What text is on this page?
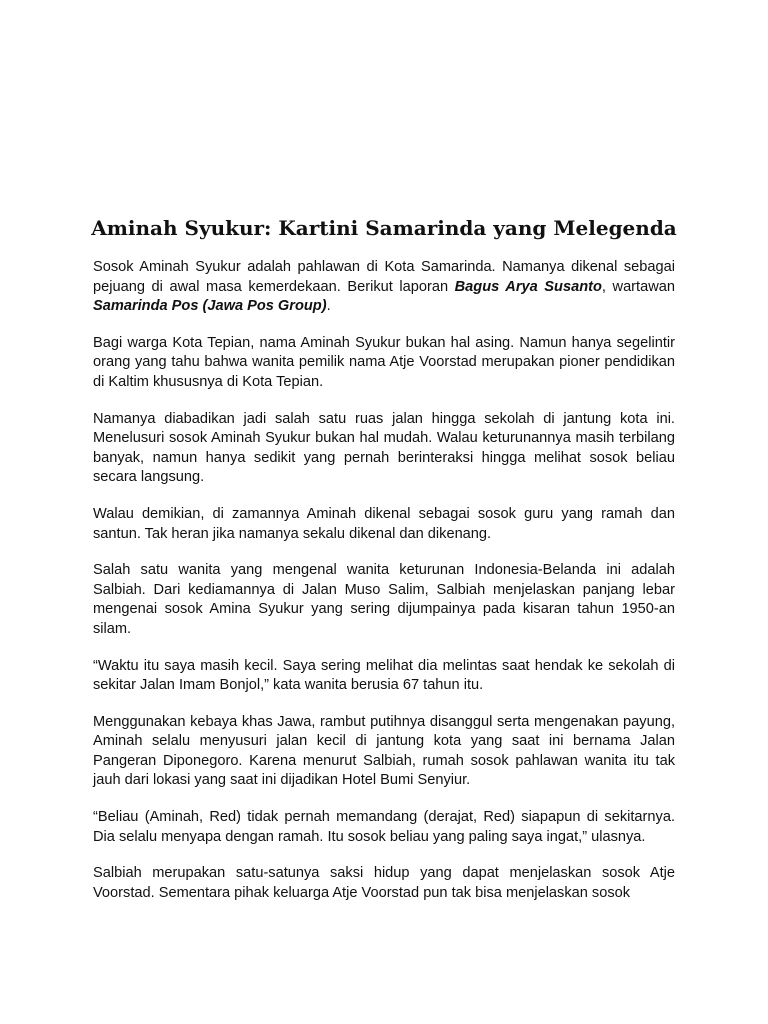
Aminah Syukur: Kartini Samarinda yang Melegenda

Sosok Aminah Syukur adalah pahlawan di Kota Samarinda. Namanya dikenal sebagai pejuang di awal masa kemerdekaan. Berikut laporan Bagus Arya Susanto, wartawan Samarinda Pos (Jawa Pos Group).

Bagi warga Kota Tepian, nama Aminah Syukur bukan hal asing. Namun hanya segelintir orang yang tahu bahwa wanita pemilik nama Atje Voorstad merupakan pioner pendidikan di Kaltim khususnya di Kota Tepian.

Namanya diabadikan jadi salah satu ruas jalan hingga sekolah di jantung kota ini. Menelusuri sosok Aminah Syukur bukan hal mudah. Walau keturunannya masih terbilang banyak, namun hanya sedikit yang pernah berinteraksi hingga melihat sosok beliau secara langsung.

Walau demikian, di zamannya Aminah dikenal sebagai sosok guru yang ramah dan santun. Tak heran jika namanya sekalu dikenal dan dikenang.

Salah satu wanita yang mengenal wanita keturunan Indonesia-Belanda ini adalah Salbiah. Dari kediamannya di Jalan Muso Salim, Salbiah menjelaskan panjang lebar mengenai sosok Amina Syukur yang sering dijumpainya pada kisaran tahun 1950-an silam.

“Waktu itu saya masih kecil. Saya sering melihat dia melintas saat hendak ke sekolah di sekitar Jalan Imam Bonjol,” kata wanita berusia 67 tahun itu.

Menggunakan kebaya khas Jawa, rambut putihnya disanggul serta mengenakan payung, Aminah selalu menyusuri jalan kecil di jantung kota yang saat ini bernama Jalan Pangeran Diponegoro. Karena menurut Salbiah, rumah sosok pahlawan wanita itu tak jauh dari lokasi yang saat ini dijadikan Hotel Bumi Senyiur.

“Beliau (Aminah, Red) tidak pernah memandang (derajat, Red) siapapun di sekitarnya. Dia selalu menyapa dengan ramah. Itu sosok beliau yang paling saya ingat,” ulasnya.

Salbiah merupakan satu-satunya saksi hidup yang dapat menjelaskan sosok Atje Voorstad. Sementara pihak keluarga Atje Voorstad pun tak bisa menjelaskan sosok
